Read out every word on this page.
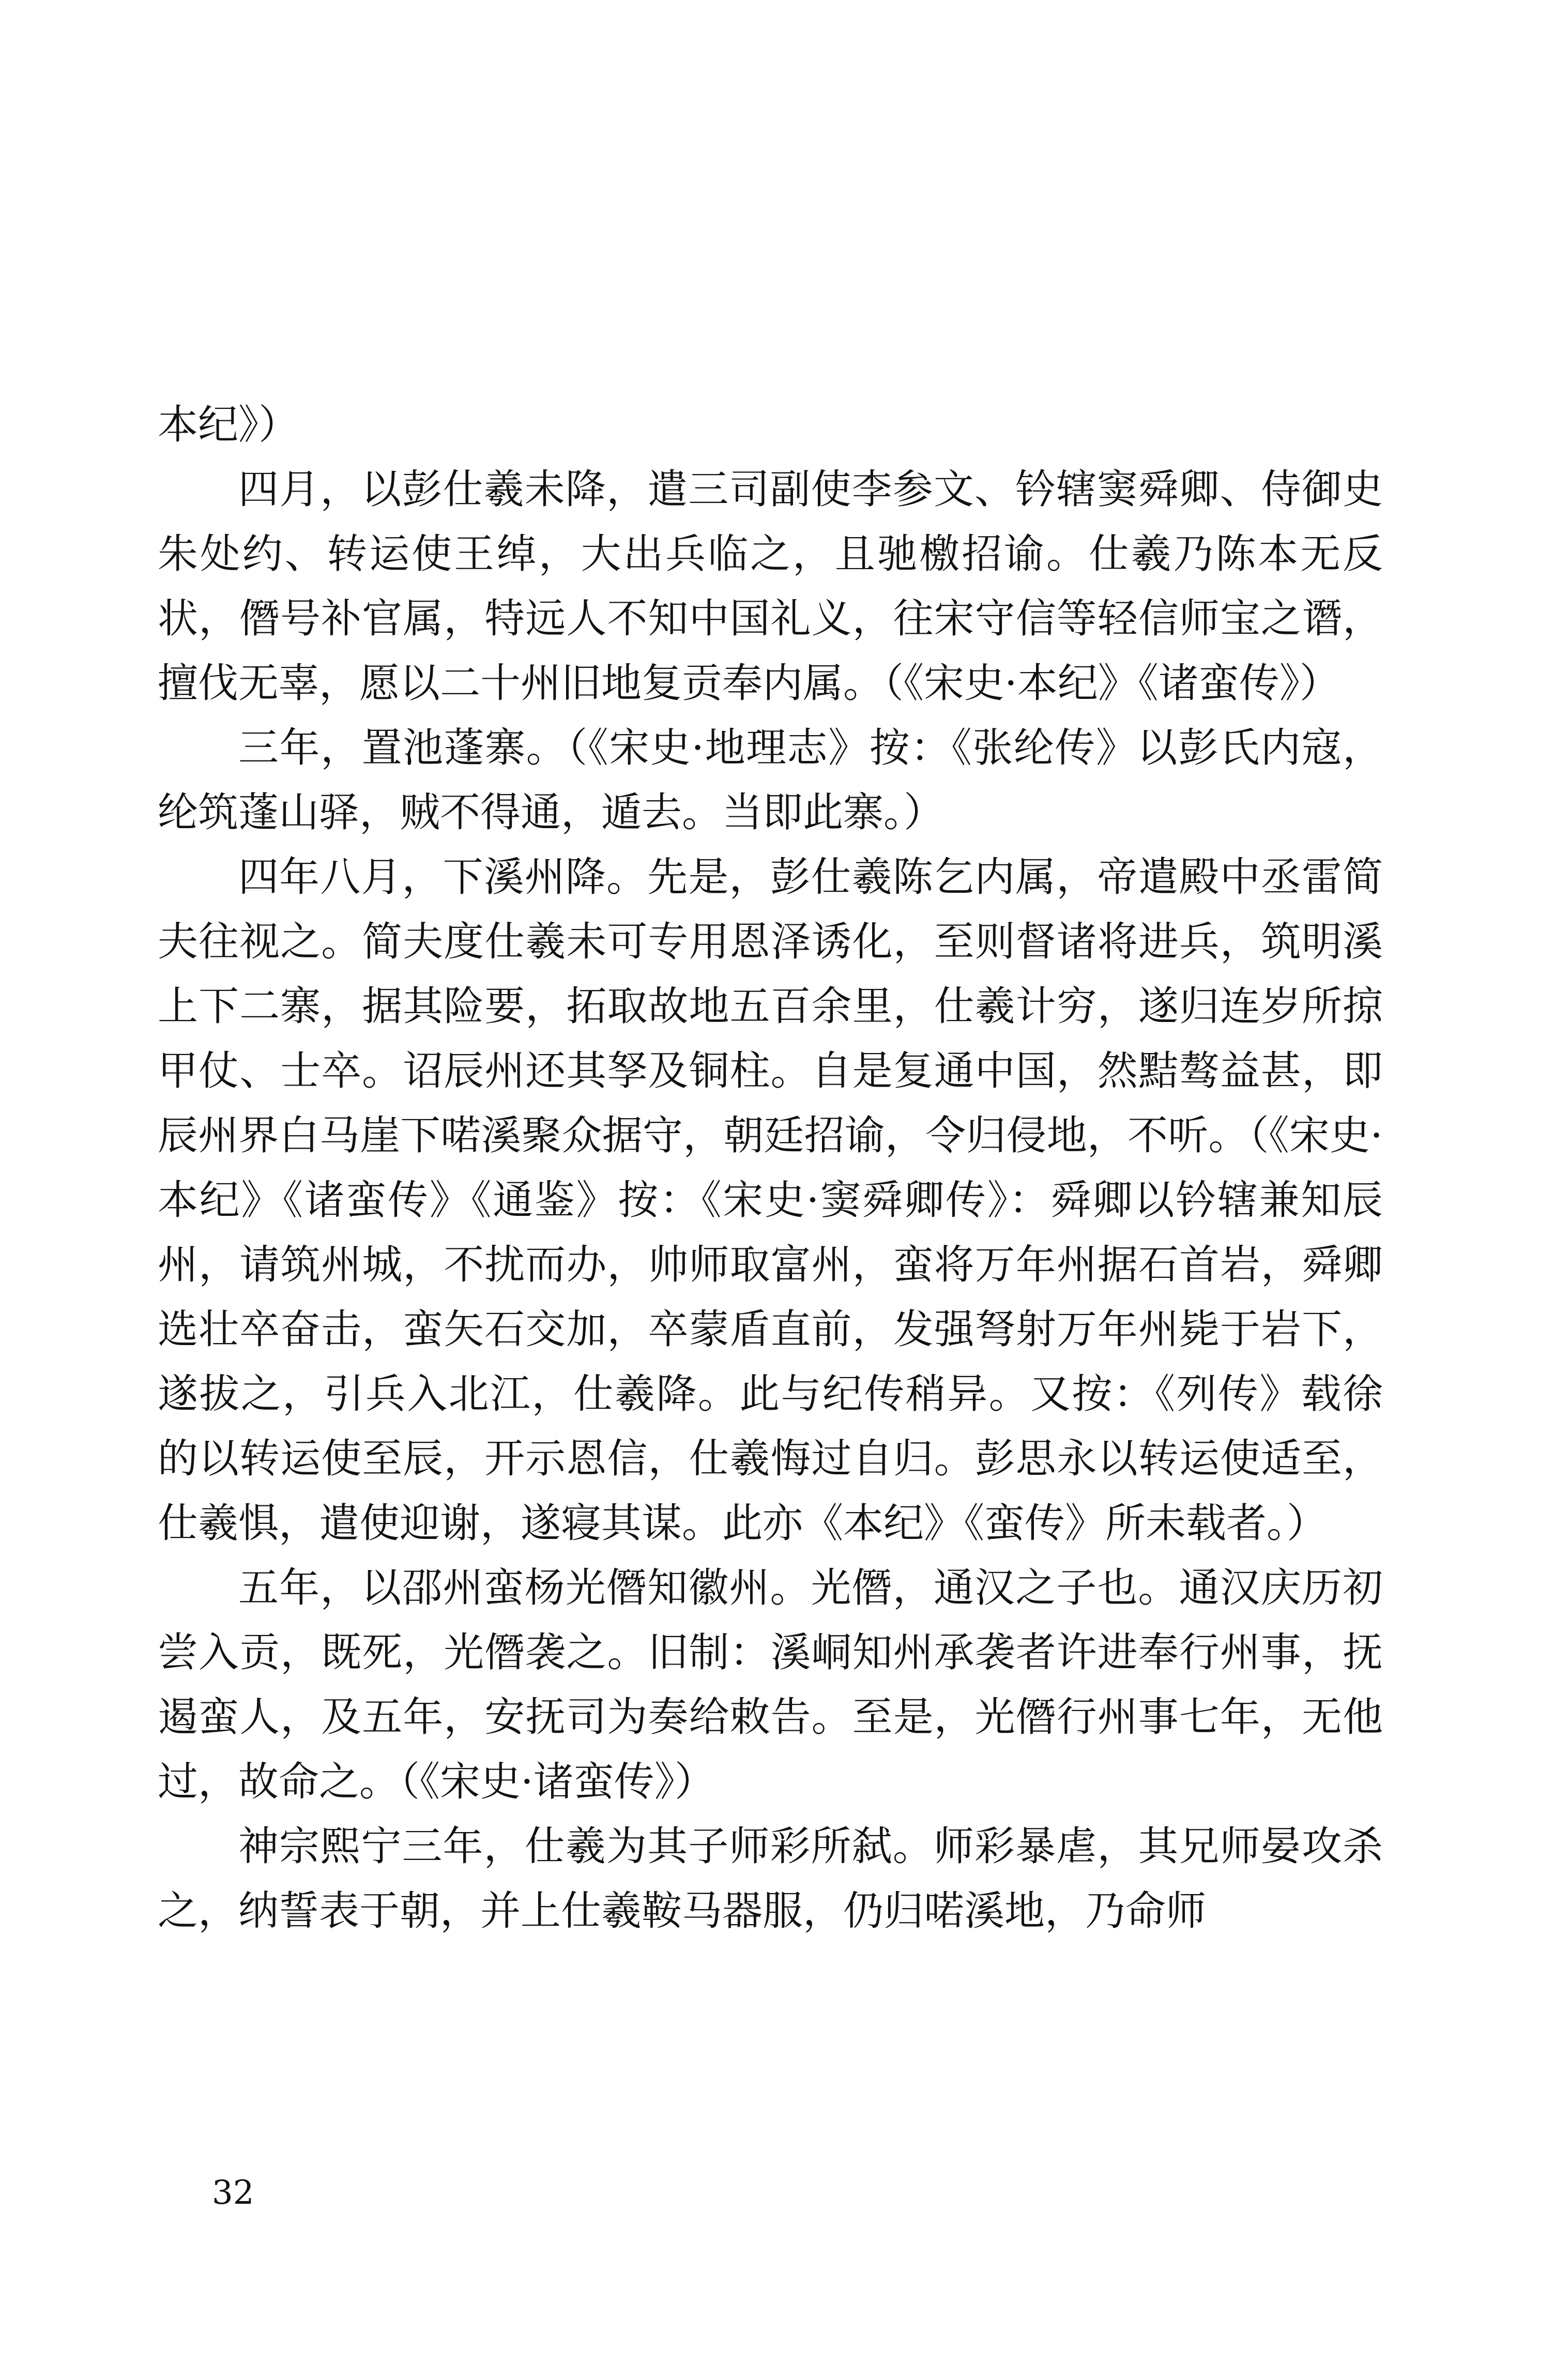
本纪》）

四月，以彭仕羲未降，遣三司副使李参文、钤辖窦舜卿、侍御史朱处约、转运使王绰，大出兵临之，且驰檄招谕。仕羲乃陈本无反状，僭号补官属，特远人不知中国礼义，往宋守信等轻信师宝之谮，擅伐无辜，愿以二十州旧地复贡奉内属。（《宋史·本纪》《诸蛮传》）

三年，置池蓬寨。（《宋史·地理志》按：《张纶传》以彭氏内寇，纶筑蓬山驿，贼不得通，遁去。当即此寨。）

四年八月，下溪州降。先是，彭仕羲陈乞内属，帝遣殿中丞雷简夫往视之。简夫度仕羲未可专用恩泽诱化，至则督诸将进兵，筑明溪上下二寨，据其险要，拓取故地五百余里，仕羲计穷，遂归连岁所掠甲仗、士卒。诏辰州还其孥及铜柱。自是复通中国，然黠骜益甚，即辰州界白马崖下喏溪聚众据守，朝廷招谕，令归侵地，不听。（《宋史·本纪》《诸蛮传》《通鉴》按：《宋史·窦舜卿传》：舜卿以钤辖兼知辰州，请筑州城，不扰而办，帅师取富州，蛮将万年州据石首岩，舜卿选壮卒奋击，蛮矢石交加，卒蒙盾直前，发强弩射万年州毙于岩下，遂拔之，引兵入北江，仕羲降。此与纪传稍异。又按：《列传》载徐的以转运使至辰，开示恩信，仕羲悔过自归。彭思永以转运使适至，仕羲惧，遣使迎谢，遂寝其谋。此亦《本纪》《蛮传》所未载者。）

五年，以邵州蛮杨光僭知徽州。光僭，通汉之子也。通汉庆历初尝入贡，既死，光僭袭之。旧制：溪峒知州承袭者许进奉行州事，抚遏蛮人，及五年，安抚司为奏给敕告。至是，光僭行州事七年，无他过，故命之。（《宋史·诸蛮传》）

神宗熙宁三年，仕羲为其子师彩所弑。师彩暴虐，其兄师晏攻杀之，纳誓表于朝，并上仕羲鞍马器服，仍归喏溪地，乃命师

32
